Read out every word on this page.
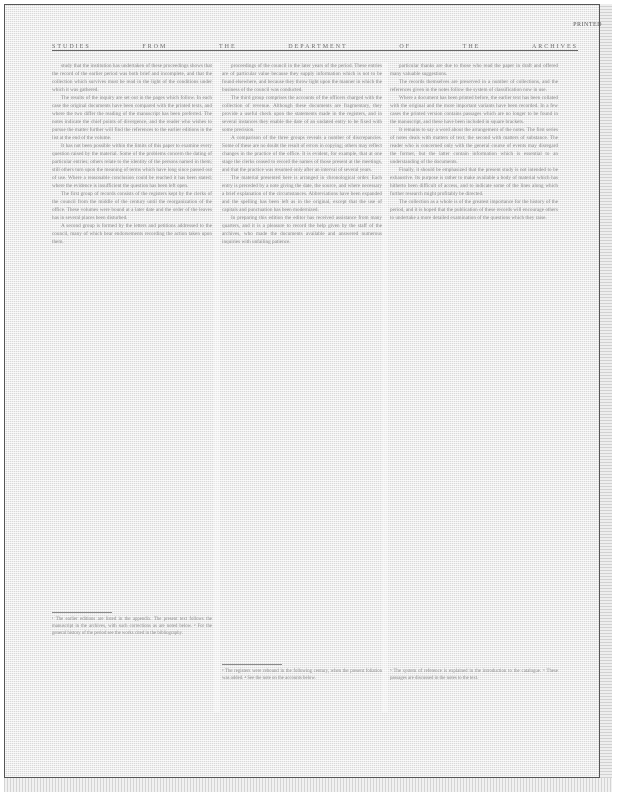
PRINTED
STUDIES	FROM	THE	DEPARTMENT	OF	THE	ARCHIVES

study that the institution has undertaken of these proceedings shows that the record of the earlier period was both brief and incomplete, and that the collection which survives must be read in the light of the conditions under which it was gathered.

The results of the inquiry are set out in the pages which follow. In each case the original documents have been compared with the printed texts, and where the two differ the reading of the manuscript has been preferred. The notes indicate the chief points of divergence, and the reader who wishes to pursue the matter further will find the references to the earlier editions in the list at the end of the volume.

It has not been possible within the limits of this paper to examine every question raised by the material. Some of the problems concern the dating of particular entries; others relate to the identity of the persons named in them; still others turn upon the meaning of terms which have long since passed out of use. Where a reasonable conclusion could be reached it has been stated; where the evidence is insufficient the question has been left open.

The first group of records consists of the registers kept by the clerks of the council from the middle of the century until the reorganization of the office. These volumes were bound at a later date and the order of the leaves has in several places been disturbed.

A second group is formed by the letters and petitions addressed to the council, many of which bear endorsements recording the action taken upon them.

proceedings of the council in the later years of the period. These entries are of particular value because they supply information which is not to be found elsewhere, and because they throw light upon the manner in which the business of the council was conducted.

The third group comprises the accounts of the officers charged with the collection of revenue. Although these documents are fragmentary, they provide a useful check upon the statements made in the registers, and in several instances they enable the date of an undated entry to be fixed with some precision.

A comparison of the three groups reveals a number of discrepancies. Some of these are no doubt the result of errors in copying; others may reflect changes in the practice of the office. It is evident, for example, that at one stage the clerks ceased to record the names of those present at the meetings, and that the practice was resumed only after an interval of several years.

The material presented here is arranged in chronological order. Each entry is preceded by a note giving the date, the source, and where necessary a brief explanation of the circumstances. Abbreviations have been expanded and the spelling has been left as in the original, except that the use of capitals and punctuation has been modernized.

In preparing this edition the editor has received assistance from many quarters, and it is a pleasure to record the help given by the staff of the archives, who made the documents available and answered numerous inquiries with unfailing patience.

particular thanks are due to those who read the paper in draft and offered many valuable suggestions.

The records themselves are preserved in a number of collections, and the references given in the notes follow the system of classification now in use.

Where a document has been printed before, the earlier text has been collated with the original and the more important variants have been recorded. In a few cases the printed version contains passages which are no longer to be found in the manuscript, and these have been included in square brackets.

It remains to say a word about the arrangement of the notes. The first series of notes deals with matters of text; the second with matters of substance. The reader who is concerned only with the general course of events may disregard the former, but the latter contain information which is essential to an understanding of the documents.

Finally, it should be emphasized that the present study is not intended to be exhaustive. Its purpose is rather to make available a body of material which has hitherto been difficult of access, and to indicate some of the lines along which further research might profitably be directed.

The collection as a whole is of the greatest importance for the history of the period, and it is hoped that the publication of these records will encourage others to undertake a more detailed examination of the questions which they raise.

¹ The earlier editions are listed in the appendix. The present text follows the manuscript in the archives, with such corrections as are noted below. ² For the general history of the period see the works cited in the bibliography.
³ The registers were rebound in the following century, when the present foliation was added. ⁴ See the note on the accounts below.
⁵ The system of reference is explained in the introduction to the catalogue. ⁶ These passages are discussed in the notes to the text.
